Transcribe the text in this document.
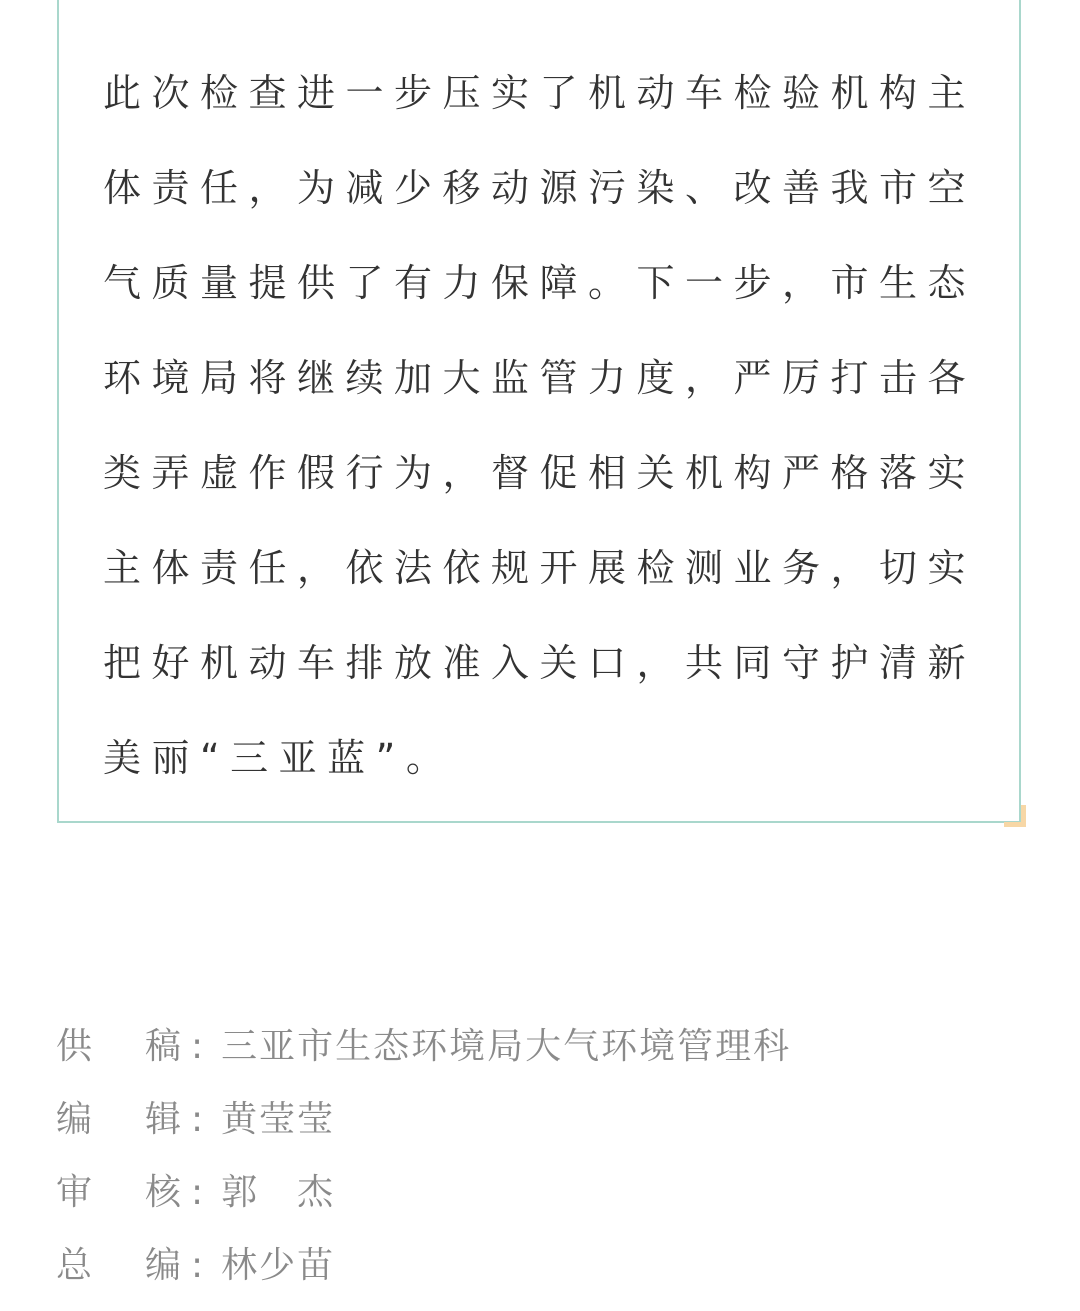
此次检查进一步压实了机动车检验机构主体责任，为减少移动源污染、改善我市空气质量提供了有力保障。下一步，市生态环境局将继续加大监管力度，严厉打击各类弄虚作假行为，督促相关机构严格落实主体责任，依法依规开展检测业务，切实把好机动车排放准入关口，共同守护清新美丽“三亚蓝”。

供 稿 : 三亚市生态环境局大气环境管理科
编 辑 : 黄莹莹
审 核 : 郭　杰
总 编 : 林少苗
